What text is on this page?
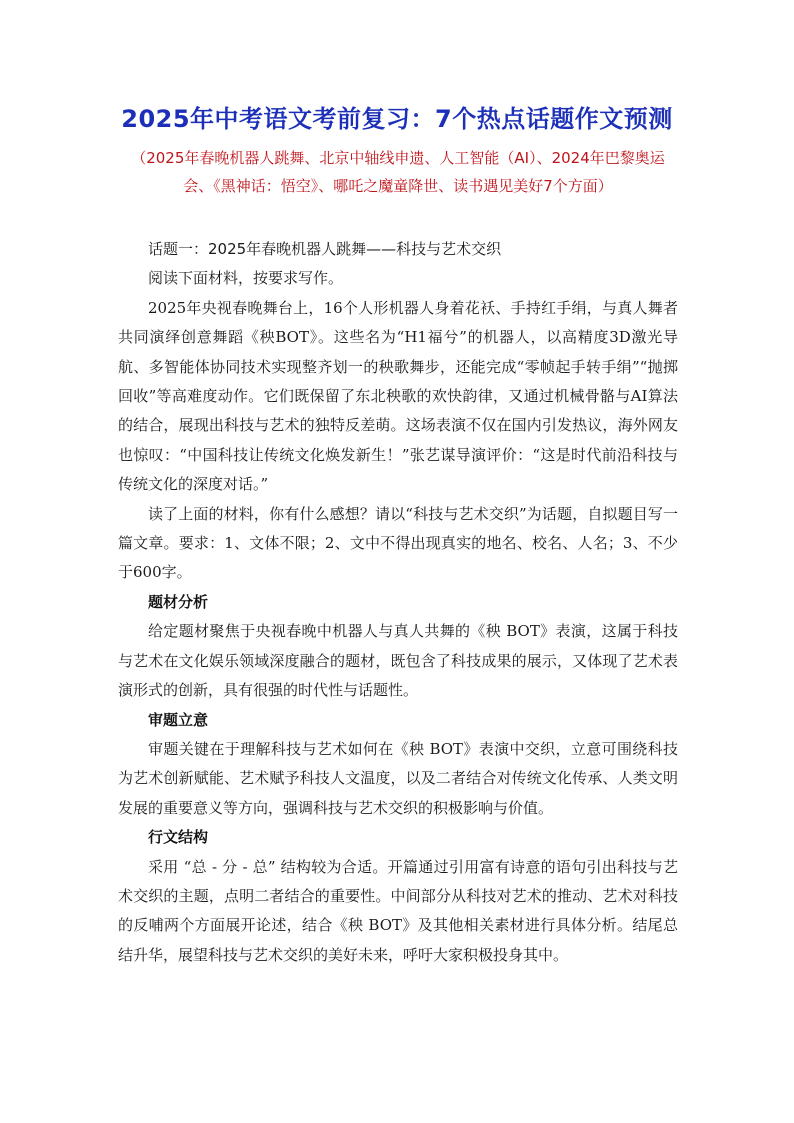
2025年中考语文考前复习：7个热点话题作文预测

（2025年春晚机器人跳舞、北京中轴线申遗、人工智能（AI）、2024年巴黎奥运会、《黑神话：悟空》、哪吒之魔童降世、读书遇见美好7个方面）

话题一：2025年春晚机器人跳舞——科技与艺术交织

阅读下面材料，按要求写作。

2025年央视春晚舞台上，16个人形机器人身着花袄、手持红手绢，与真人舞者共同演绎创意舞蹈《秧BOT》。这些名为“H1福兮”的机器人，以高精度3D激光导航、多智能体协同技术实现整齐划一的秧歌舞步，还能完成“零帧起手转手绢”“抛掷回收”等高难度动作。它们既保留了东北秧歌的欢快韵律，又通过机械骨骼与AI算法的结合，展现出科技与艺术的独特反差萌。这场表演不仅在国内引发热议，海外网友也惊叹：“中国科技让传统文化焕发新生！”张艺谋导演评价：“这是时代前沿科技与传统文化的深度对话。”

读了上面的材料，你有什么感想？请以“科技与艺术交织”为话题，自拟题目写一篇文章。要求：1、文体不限；2、文中不得出现真实的地名、校名、人名；3、不少于600字。

题材分析

给定题材聚焦于央视春晚中机器人与真人共舞的《秧 BOT》表演，这属于科技与艺术在文化娱乐领域深度融合的题材，既包含了科技成果的展示，又体现了艺术表演形式的创新，具有很强的时代性与话题性。

审题立意

审题关键在于理解科技与艺术如何在《秧 BOT》表演中交织，立意可围绕科技为艺术创新赋能、艺术赋予科技人文温度，以及二者结合对传统文化传承、人类文明发展的重要意义等方向，强调科技与艺术交织的积极影响与价值。

行文结构

采用 “总 - 分 - 总” 结构较为合适。开篇通过引用富有诗意的语句引出科技与艺术交织的主题，点明二者结合的重要性。中间部分从科技对艺术的推动、艺术对科技的反哺两个方面展开论述，结合《秧 BOT》及其他相关素材进行具体分析。结尾总结升华，展望科技与艺术交织的美好未来，呼吁大家积极投身其中。
